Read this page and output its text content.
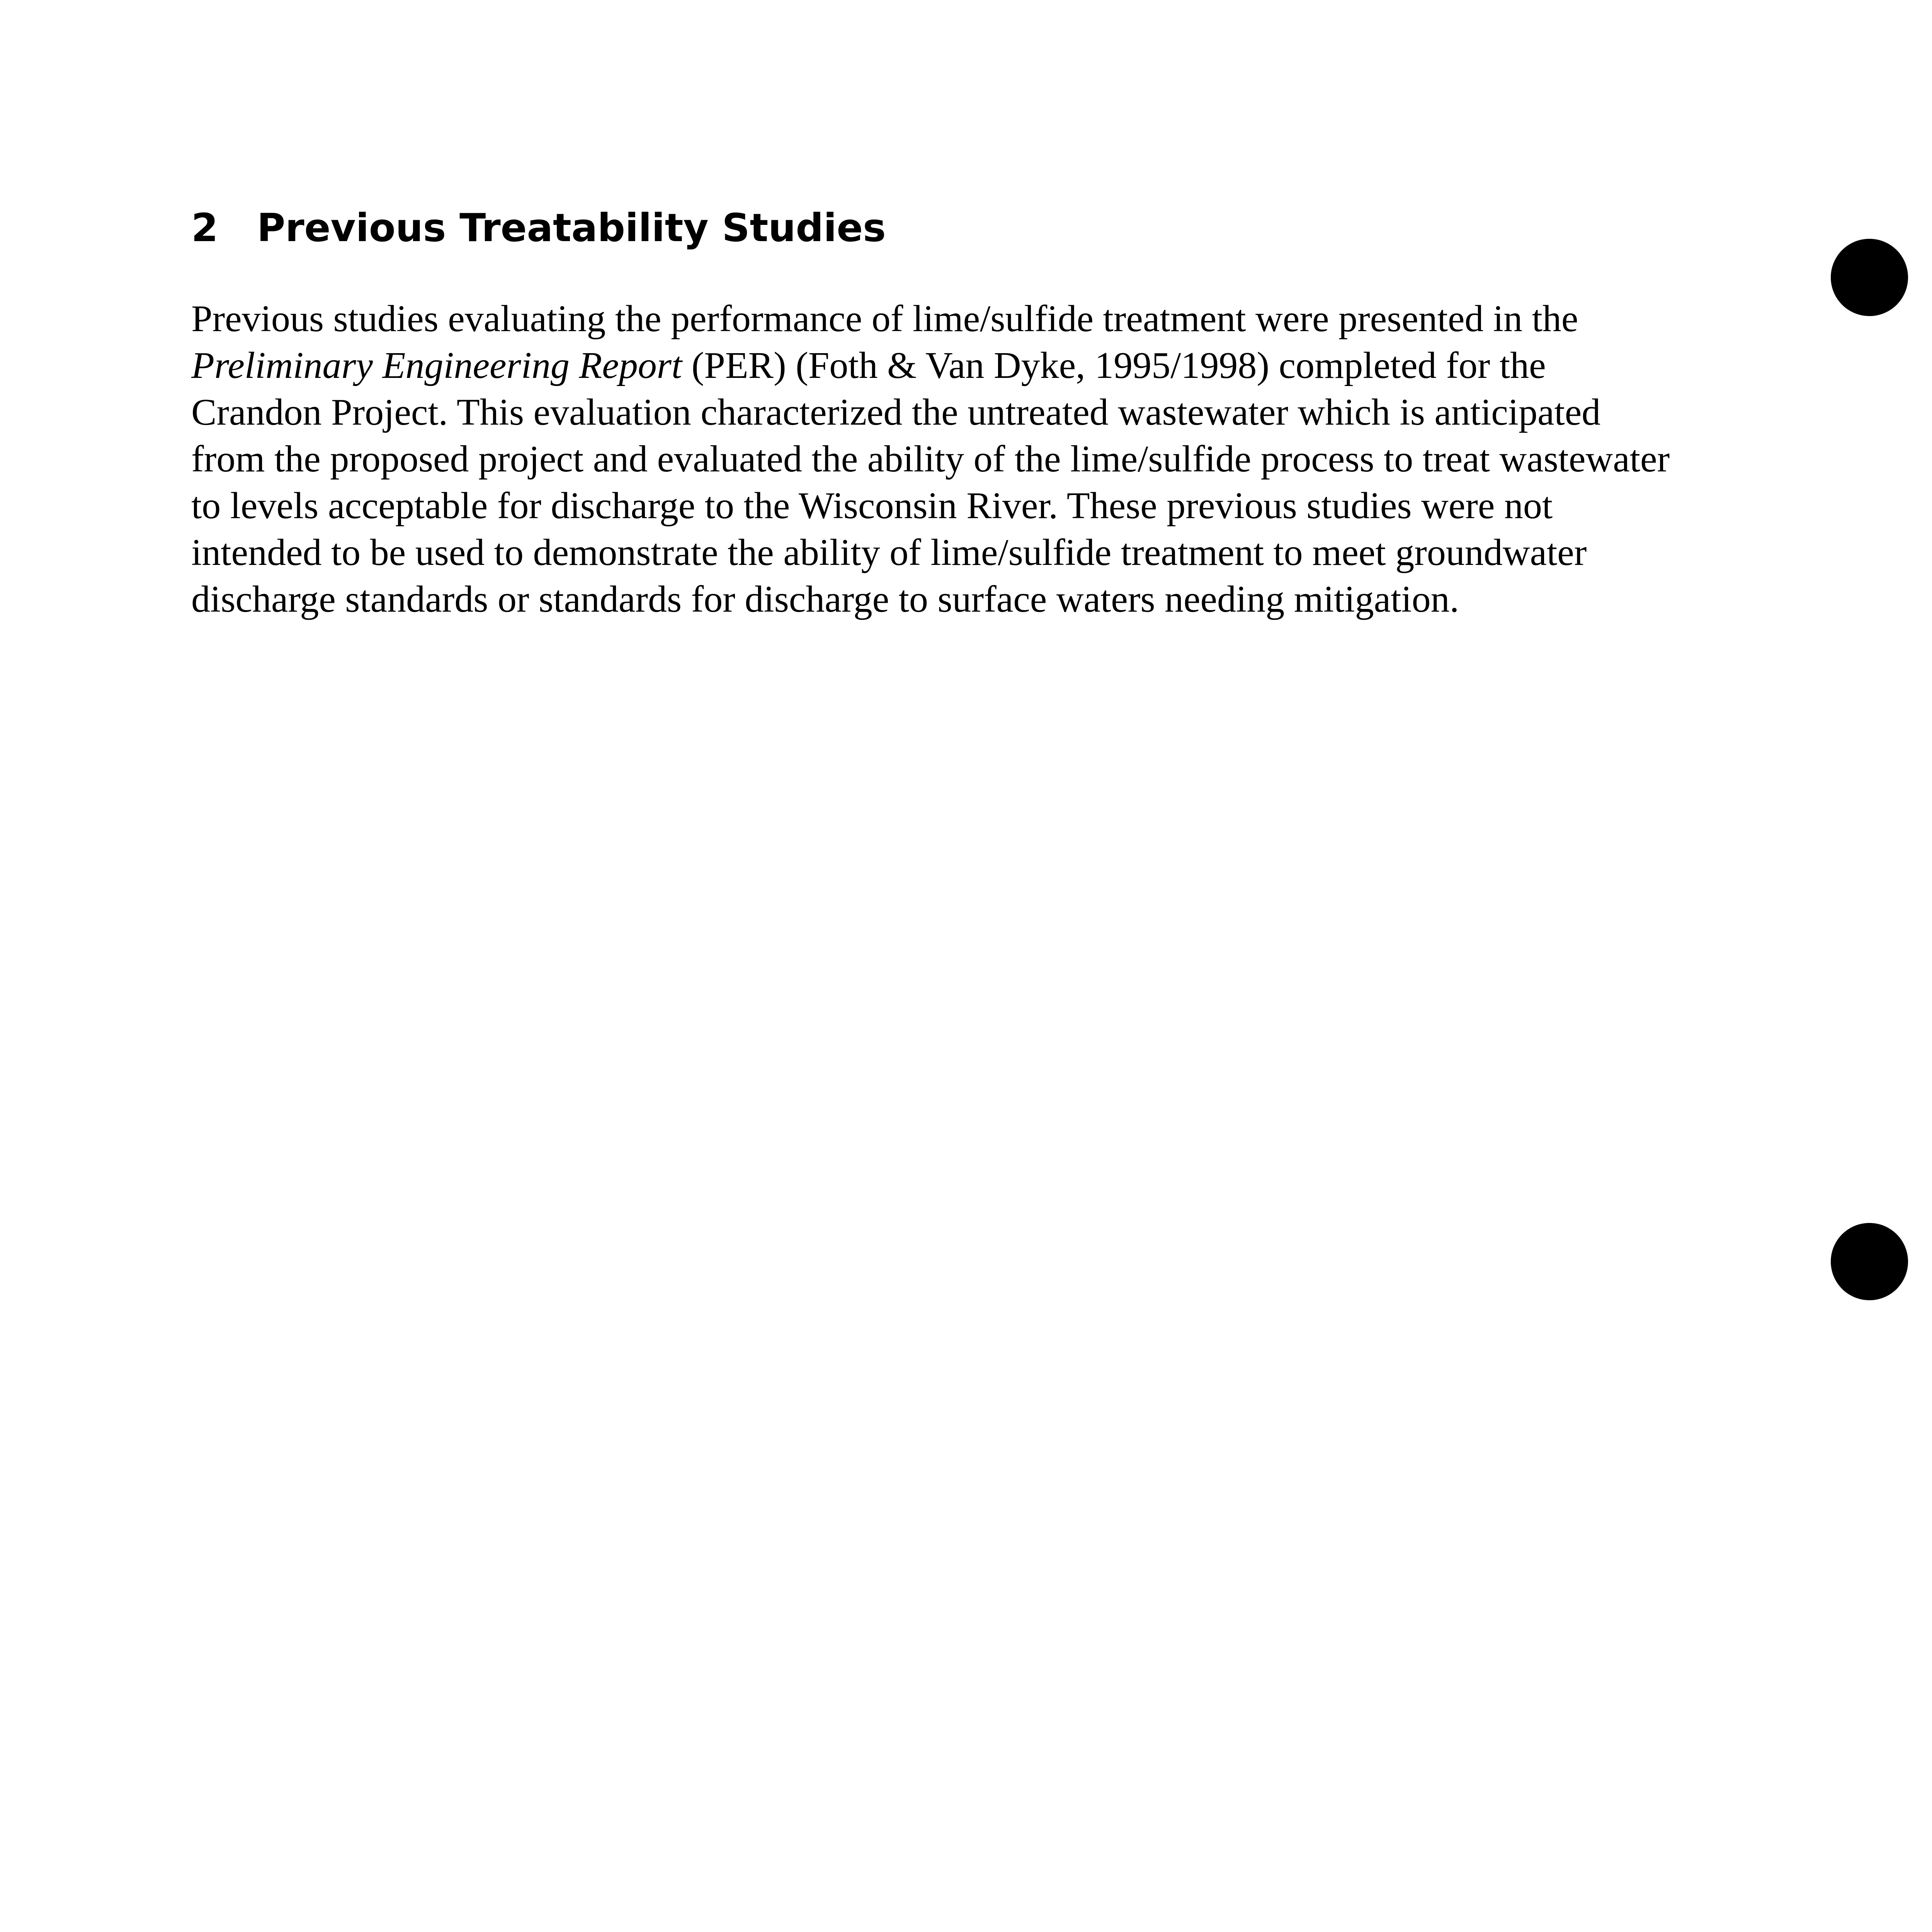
2 Previous Treatability Studies
Previous studies evaluating the performance of lime/sulfide treatment were presented in the
Preliminary Engineering Report (PER) (Foth & Van Dyke, 1995/1998) completed for the
Crandon Project. This evaluation characterized the untreated wastewater which is anticipated
from the proposed project and evaluated the ability of the lime/sulfide process to treat wastewater
to levels acceptable for discharge to the Wisconsin River. These previous studies were not
intended to be used to demonstrate the ability of lime/sulfide treatment to meet groundwater
discharge standards or standards for discharge to surface waters needing mitigation.
